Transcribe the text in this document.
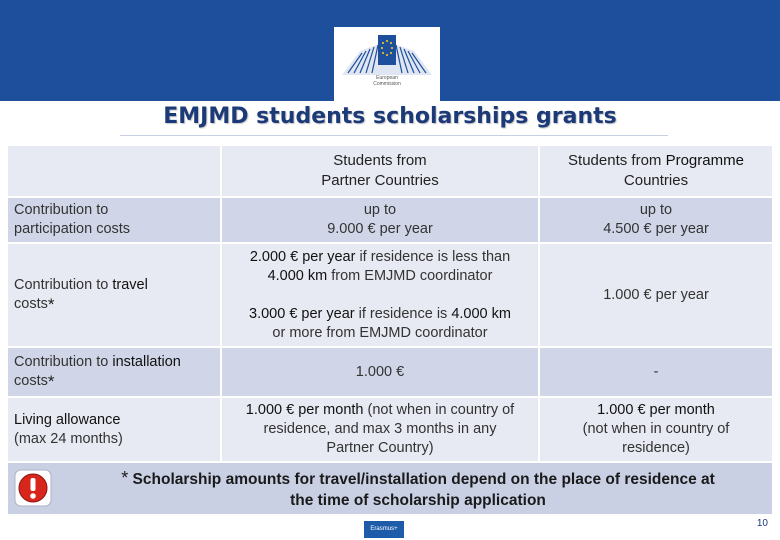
European
Commission
EMJMD students scholarships grants
Students from
Partner Countries
Students from Programme
Countries
Contribution to
participation costs
up to
9.000 € per year
up to
4.500 € per year
Contribution to travel
costs*
2.000 € per year if residence is less than
4.000 km from EMJMD coordinator
3.000 € per year if residence is 4.000 km
or more from EMJMD coordinator
1.000 € per year
Contribution to installation
costs*
1.000 €	-
Living allowance
(max 24 months)
1.000 € per month (not when in country of
residence, and max 3 months in any
Partner Country)
1.000 € per month
(not when in country of
residence)
* Scholarship amounts for travel/installation depend on the place of residence at
the time of scholarship application
Erasmus+	10
